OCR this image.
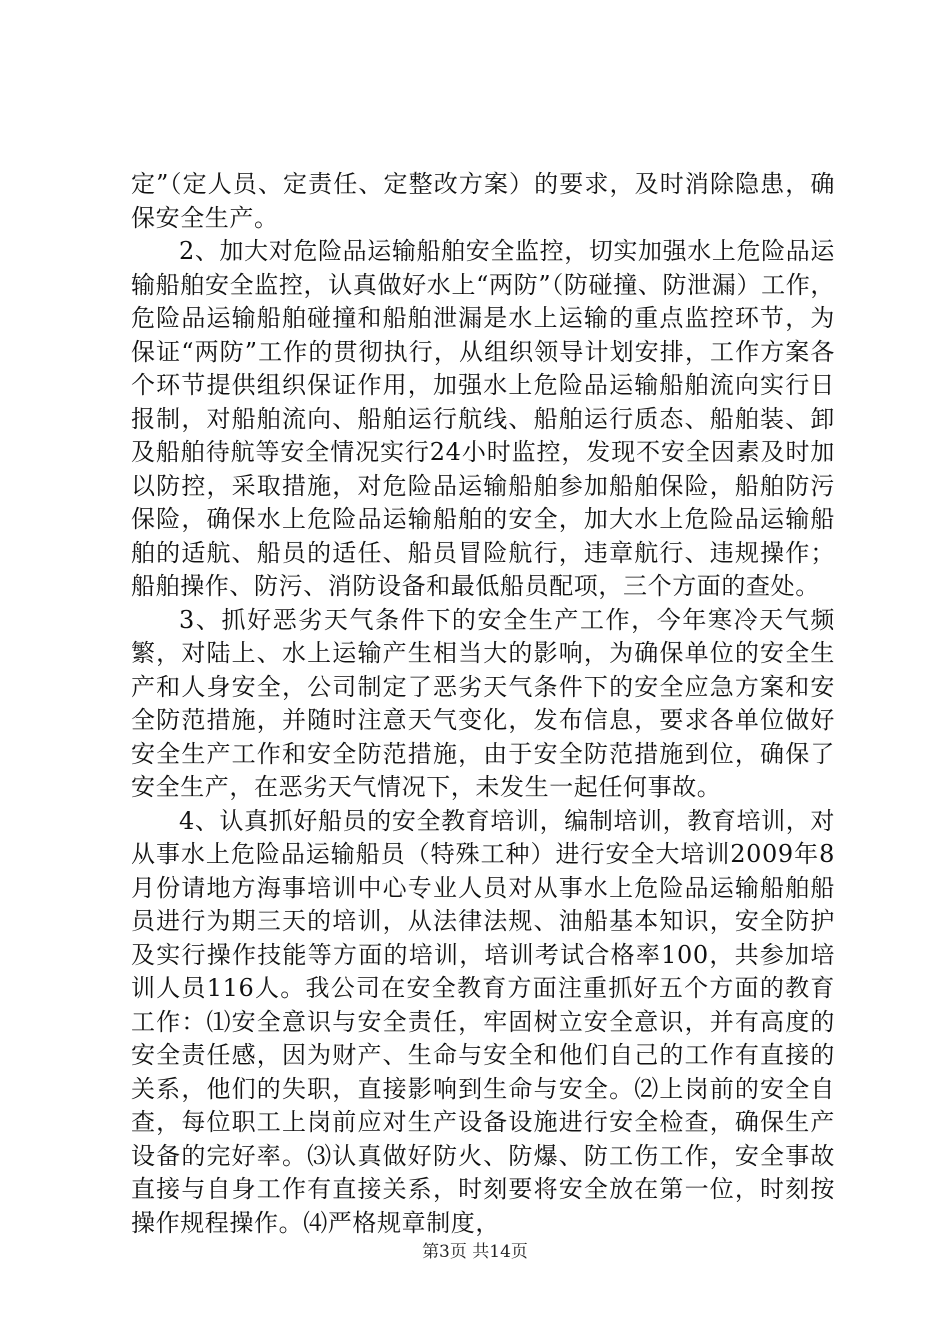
定”（定人员、定责任、定整改方案）的要求，及时消除隐患，确保安全生产。

2、加大对危险品运输船舶安全监控，切实加强水上危险品运输船舶安全监控，认真做好水上“两防”（防碰撞、防泄漏）工作，危险品运输船舶碰撞和船舶泄漏是水上运输的重点监控环节，为保证“两防”工作的贯彻执行，从组织领导计划安排，工作方案各个环节提供组织保证作用，加强水上危险品运输船舶流向实行日报制，对船舶流向、船舶运行航线、船舶运行质态、船舶装、卸及船舶待航等安全情况实行24小时监控，发现不安全因素及时加以防控，采取措施，对危险品运输船舶参加船舶保险，船舶防污保险，确保水上危险品运输船舶的安全，加大水上危险品运输船舶的适航、船员的适任、船员冒险航行，违章航行、违规操作；船舶操作、防污、消防设备和最低船员配项，三个方面的查处。

3、抓好恶劣天气条件下的安全生产工作，今年寒冷天气频繁，对陆上、水上运输产生相当大的影响，为确保单位的安全生产和人身安全，公司制定了恶劣天气条件下的安全应急方案和安全防范措施，并随时注意天气变化，发布信息，要求各单位做好安全生产工作和安全防范措施，由于安全防范措施到位，确保了安全生产，在恶劣天气情况下，未发生一起任何事故。

4、认真抓好船员的安全教育培训，编制培训，教育培训，对从事水上危险品运输船员（特殊工种）进行安全大培训2009年8月份请地方海事培训中心专业人员对从事水上危险品运输船舶船员进行为期三天的培训，从法律法规、油船基本知识，安全防护及实行操作技能等方面的培训，培训考试合格率100，共参加培训人员116人。我公司在安全教育方面注重抓好五个方面的教育工作：⑴安全意识与安全责任，牢固树立安全意识，并有高度的安全责任感，因为财产、生命与安全和他们自己的工作有直接的关系，他们的失职，直接影响到生命与安全。⑵上岗前的安全自查，每位职工上岗前应对生产设备设施进行安全检查，确保生产设备的完好率。⑶认真做好防火、防爆、防工伤工作，安全事故直接与自身工作有直接关系，时刻要将安全放在第一位，时刻按操作规程操作。⑷严格规章制度，

第3页 共14页
